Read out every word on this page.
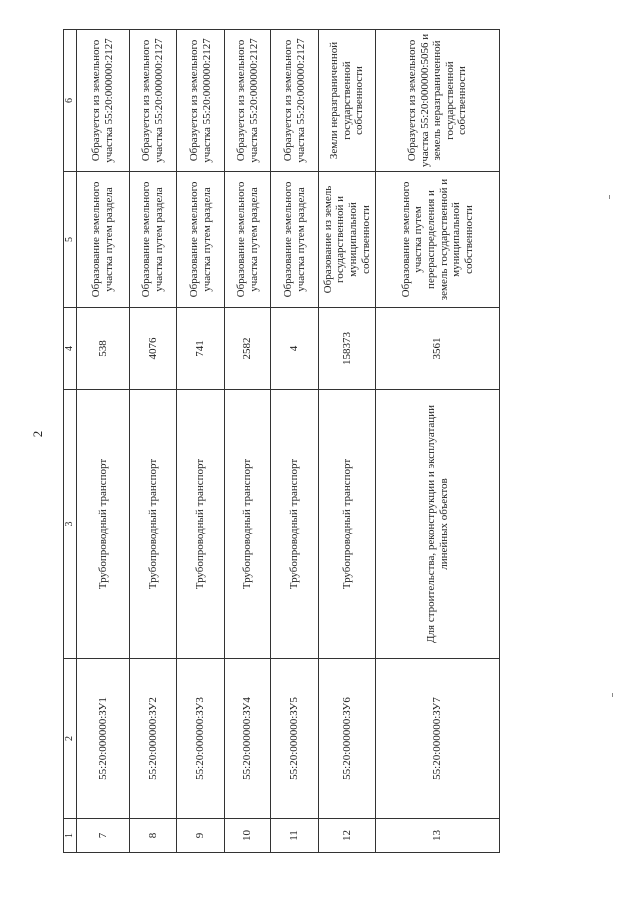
2
1	2	3	4	5	6
7	55:20:000000:ЗУ1	Трубопроводный транспорт	538	Образование земельного участка путем раздела	Образуется из земельного участка 55:20:000000:2127
8	55:20:000000:ЗУ2	Трубопроводный транспорт	4076	Образование земельного участка путем раздела	Образуется из земельного участка 55:20:000000:2127
9	55:20:000000:ЗУ3	Трубопроводный транспорт	741	Образование земельного участка путем раздела	Образуется из земельного участка 55:20:000000:2127
10	55:20:000000:ЗУ4	Трубопроводный транспорт	2582	Образование земельного участка путем раздела	Образуется из земельного участка 55:20:000000:2127
11	55:20:000000:ЗУ5	Трубопроводный транспорт	4	Образование земельного участка путем раздела	Образуется из земельного участка 55:20:000000:2127
12	55:20:000000:ЗУ6	Трубопроводный транспорт	158373	Образование из земель государственной и муниципальной собственности	Земли неразграниченной государственной собственности
13	55:20:000000:ЗУ7	Для строительства, реконструкции и эксплуатации линейных объектов	3561	Образование земельного участка путем перераспределения и земель государственной и муниципальной собственности	Образуется из земельного участка 55:20:000000:5056 и земель неразграниченной государственной собственности
